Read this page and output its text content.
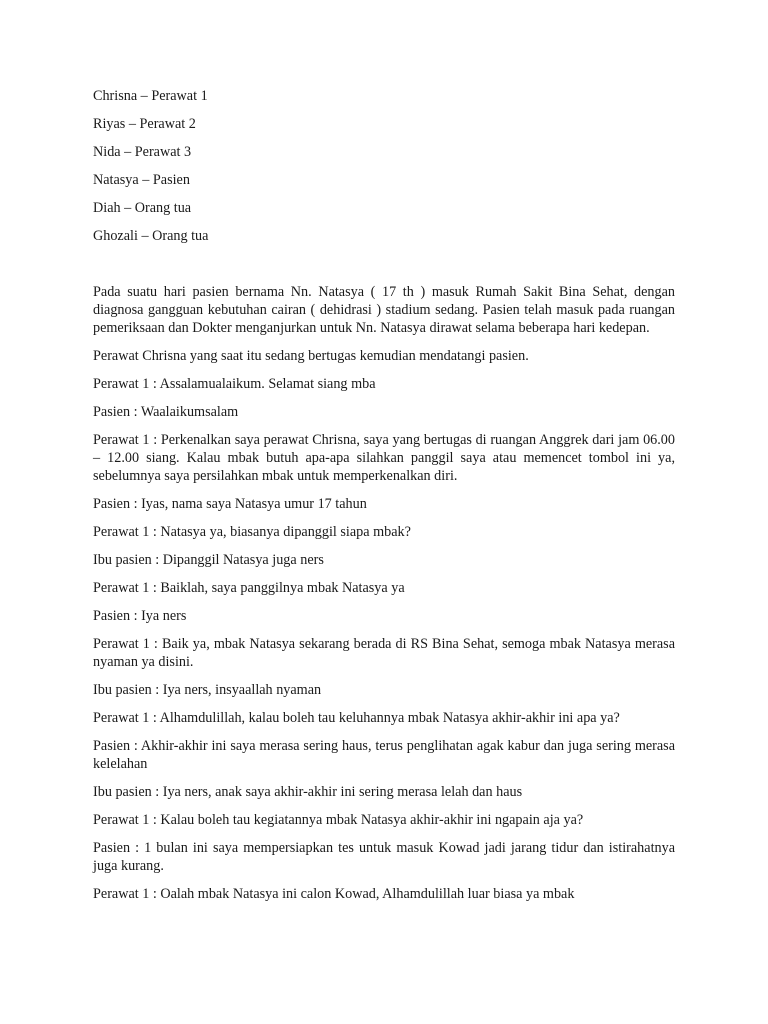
Chrisna – Perawat 1

Riyas – Perawat 2

Nida – Perawat 3

Natasya – Pasien

Diah – Orang tua

Ghozali – Orang tua

Pada suatu hari pasien bernama Nn. Natasya ( 17 th ) masuk Rumah Sakit Bina Sehat, dengan diagnosa gangguan kebutuhan cairan ( dehidrasi ) stadium sedang. Pasien telah masuk pada ruangan pemeriksaan dan Dokter menganjurkan untuk Nn. Natasya dirawat selama beberapa hari kedepan.

Perawat Chrisna yang saat itu sedang bertugas kemudian mendatangi pasien.

Perawat 1 : Assalamualaikum. Selamat siang mba

Pasien : Waalaikumsalam

Perawat 1 : Perkenalkan saya perawat Chrisna, saya yang bertugas di ruangan Anggrek dari jam 06.00 – 12.00 siang. Kalau mbak butuh apa-apa silahkan panggil saya atau memencet tombol ini ya, sebelumnya saya persilahkan mbak untuk memperkenalkan diri.

Pasien : Iyas, nama saya Natasya umur 17 tahun

Perawat 1 : Natasya ya, biasanya dipanggil siapa mbak?

Ibu pasien : Dipanggil Natasya juga ners

Perawat 1 : Baiklah, saya panggilnya mbak Natasya ya

Pasien : Iya ners

Perawat 1 : Baik ya, mbak Natasya sekarang berada di RS Bina Sehat, semoga mbak Natasya merasa nyaman ya disini.

Ibu pasien : Iya ners, insyaallah nyaman

Perawat 1 : Alhamdulillah, kalau boleh tau keluhannya mbak Natasya akhir-akhir ini apa ya?

Pasien : Akhir-akhir ini saya merasa sering haus, terus penglihatan agak kabur dan juga sering merasa kelelahan

Ibu pasien : Iya ners, anak saya akhir-akhir ini sering merasa lelah dan haus

Perawat 1 : Kalau boleh tau kegiatannya mbak Natasya akhir-akhir ini ngapain aja ya?

Pasien : 1 bulan ini saya mempersiapkan tes untuk masuk Kowad jadi jarang tidur dan istirahatnya juga kurang.

Perawat 1 : Oalah mbak Natasya ini calon Kowad, Alhamdulillah luar biasa ya mbak
